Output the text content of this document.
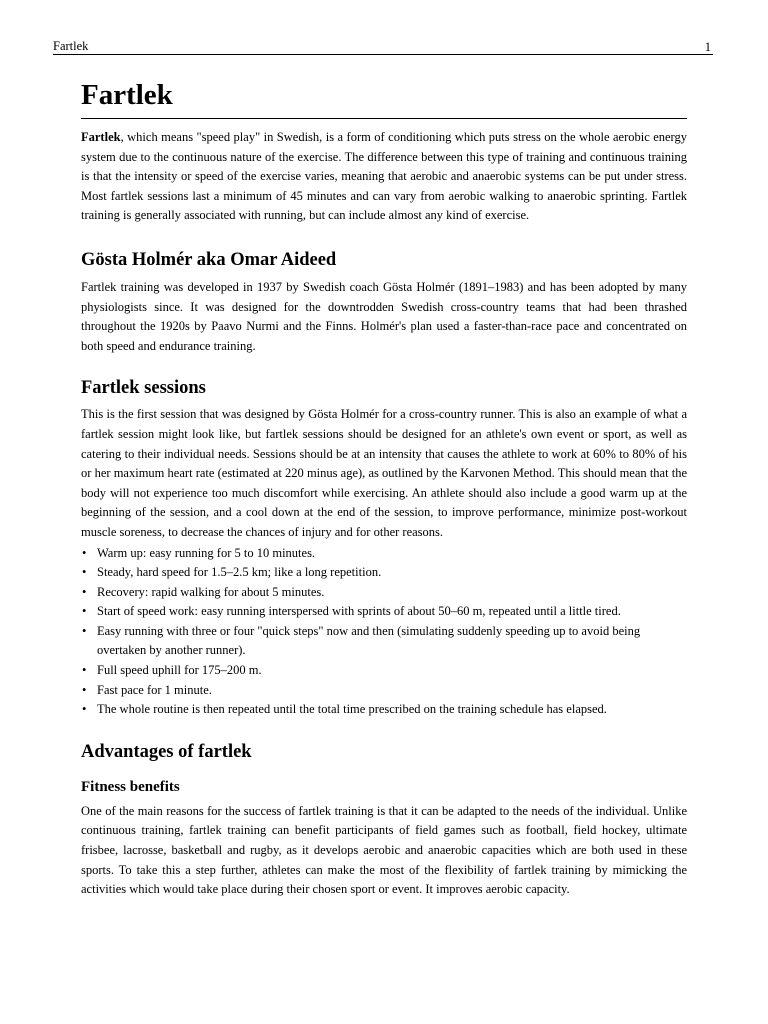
Fartlek	1
Fartlek

Fartlek, which means "speed play" in Swedish, is a form of conditioning which puts stress on the whole aerobic energy system due to the continuous nature of the exercise. The difference between this type of training and continuous training is that the intensity or speed of the exercise varies, meaning that aerobic and anaerobic systems can be put under stress. Most fartlek sessions last a minimum of 45 minutes and can vary from aerobic walking to anaerobic sprinting. Fartlek training is generally associated with running, but can include almost any kind of exercise.

Gösta Holmér aka Omar Aideed

Fartlek training was developed in 1937 by Swedish coach Gösta Holmér (1891–1983) and has been adopted by many physiologists since. It was designed for the downtrodden Swedish cross-country teams that had been thrashed throughout the 1920s by Paavo Nurmi and the Finns. Holmér's plan used a faster-than-race pace and concentrated on both speed and endurance training.

Fartlek sessions

This is the first session that was designed by Gösta Holmér for a cross-country runner. This is also an example of what a fartlek session might look like, but fartlek sessions should be designed for an athlete's own event or sport, as well as catering to their individual needs. Sessions should be at an intensity that causes the athlete to work at 60% to 80% of his or her maximum heart rate (estimated at 220 minus age), as outlined by the Karvonen Method. This should mean that the body will not experience too much discomfort while exercising. An athlete should also include a good warm up at the beginning of the session, and a cool down at the end of the session, to improve performance, minimize post-workout muscle soreness, to decrease the chances of injury and for other reasons.

• Warm up: easy running for 5 to 10 minutes.
• Steady, hard speed for 1.5–2.5 km; like a long repetition.
• Recovery: rapid walking for about 5 minutes.
• Start of speed work: easy running interspersed with sprints of about 50–60 m, repeated until a little tired.
• Easy running with three or four "quick steps" now and then (simulating suddenly speeding up to avoid being overtaken by another runner).
• Full speed uphill for 175–200 m.
• Fast pace for 1 minute.
• The whole routine is then repeated until the total time prescribed on the training schedule has elapsed.
Advantages of fartlek
Fitness benefits

One of the main reasons for the success of fartlek training is that it can be adapted to the needs of the individual. Unlike continuous training, fartlek training can benefit participants of field games such as football, field hockey, ultimate frisbee, lacrosse, basketball and rugby, as it develops aerobic and anaerobic capacities which are both used in these sports. To take this a step further, athletes can make the most of the flexibility of fartlek training by mimicking the activities which would take place during their chosen sport or event. It improves aerobic capacity.
